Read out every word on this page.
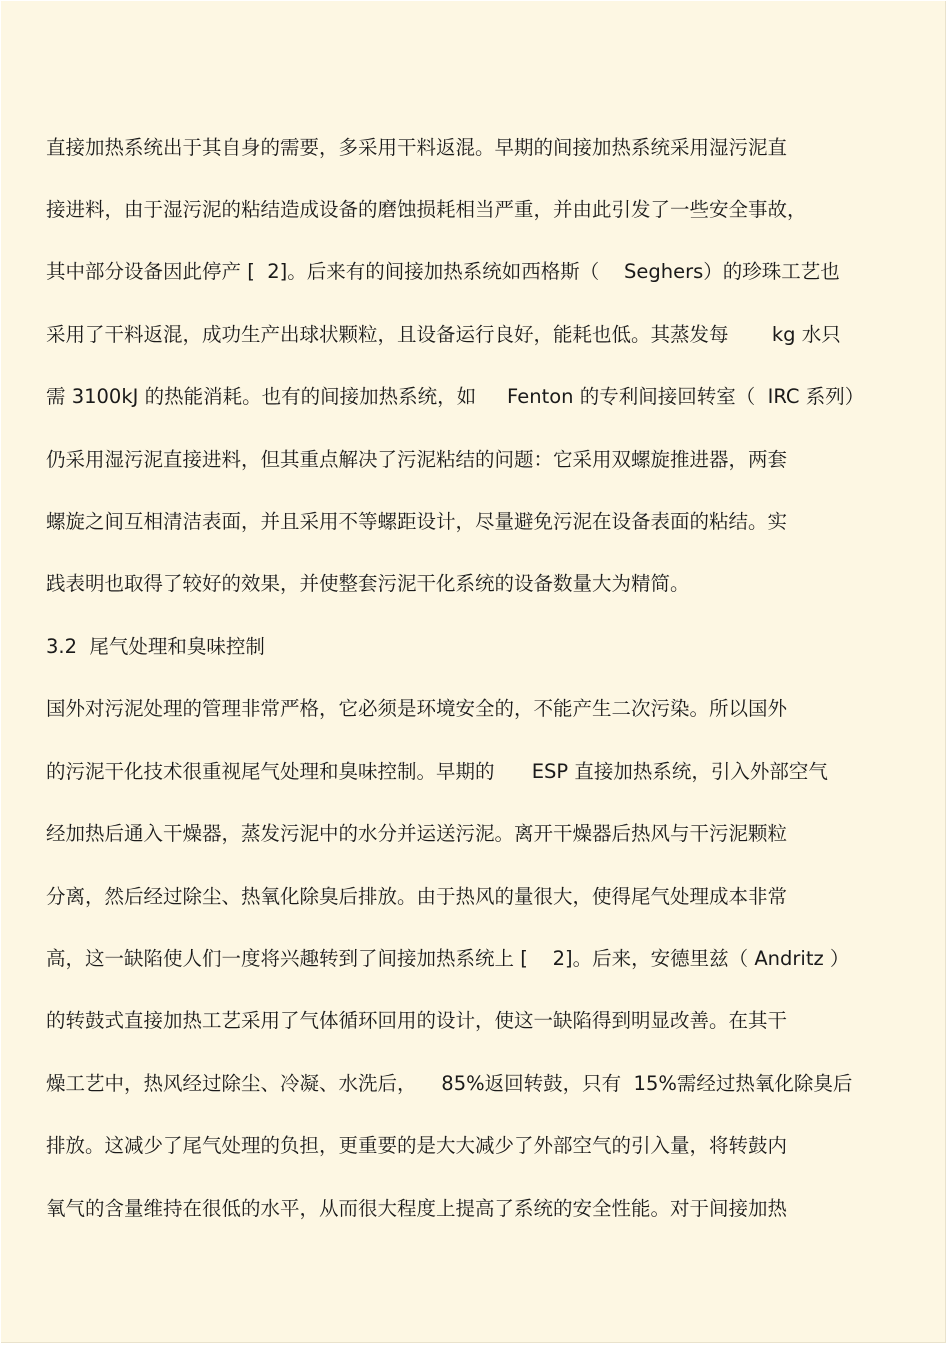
直接加热系统出于其自身的需要，多采用干料返混。早期的间接加热系统采用湿污泥直
接进料，由于湿污泥的粘结造成设备的磨蚀损耗相当严重，并由此引发了一些安全事故，
其中部分设备因此停产 [  2]。后来有的间接加热系统如西格斯（    Seghers）的珍珠工艺也
采用了干料返混，成功生产出球状颗粒，且设备运行良好，能耗也低。其蒸发每       kg 水只
需 3100kJ 的热能消耗。也有的间接加热系统，如     Fenton 的专利间接回转室（  IRC 系列）
仍采用湿污泥直接进料，但其重点解决了污泥粘结的问题：它采用双螺旋推进器，两套
螺旋之间互相清洁表面，并且采用不等螺距设计，尽量避免污泥在设备表面的粘结。实
践表明也取得了较好的效果，并使整套污泥干化系统的设备数量大为精简。
3.2  尾气处理和臭味控制
国外对污泥处理的管理非常严格，它必须是环境安全的，不能产生二次污染。所以国外
的污泥干化技术很重视尾气处理和臭味控制。早期的      ESP 直接加热系统，引入外部空气
经加热后通入干燥器，蒸发污泥中的水分并运送污泥。离开干燥器后热风与干污泥颗粒
分离，然后经过除尘、热氧化除臭后排放。由于热风的量很大，使得尾气处理成本非常
高，这一缺陷使人们一度将兴趣转到了间接加热系统上 [    2]。后来，安德里兹（ Andritz ）
的转鼓式直接加热工艺采用了气体循环回用的设计，使这一缺陷得到明显改善。在其干
燥工艺中，热风经过除尘、冷凝、水洗后，    85%返回转鼓，只有  15%需经过热氧化除臭后
排放。这减少了尾气处理的负担，更重要的是大大减少了外部空气的引入量，将转鼓内
氧气的含量维持在很低的水平，从而很大程度上提高了系统的安全性能。对于间接加热
